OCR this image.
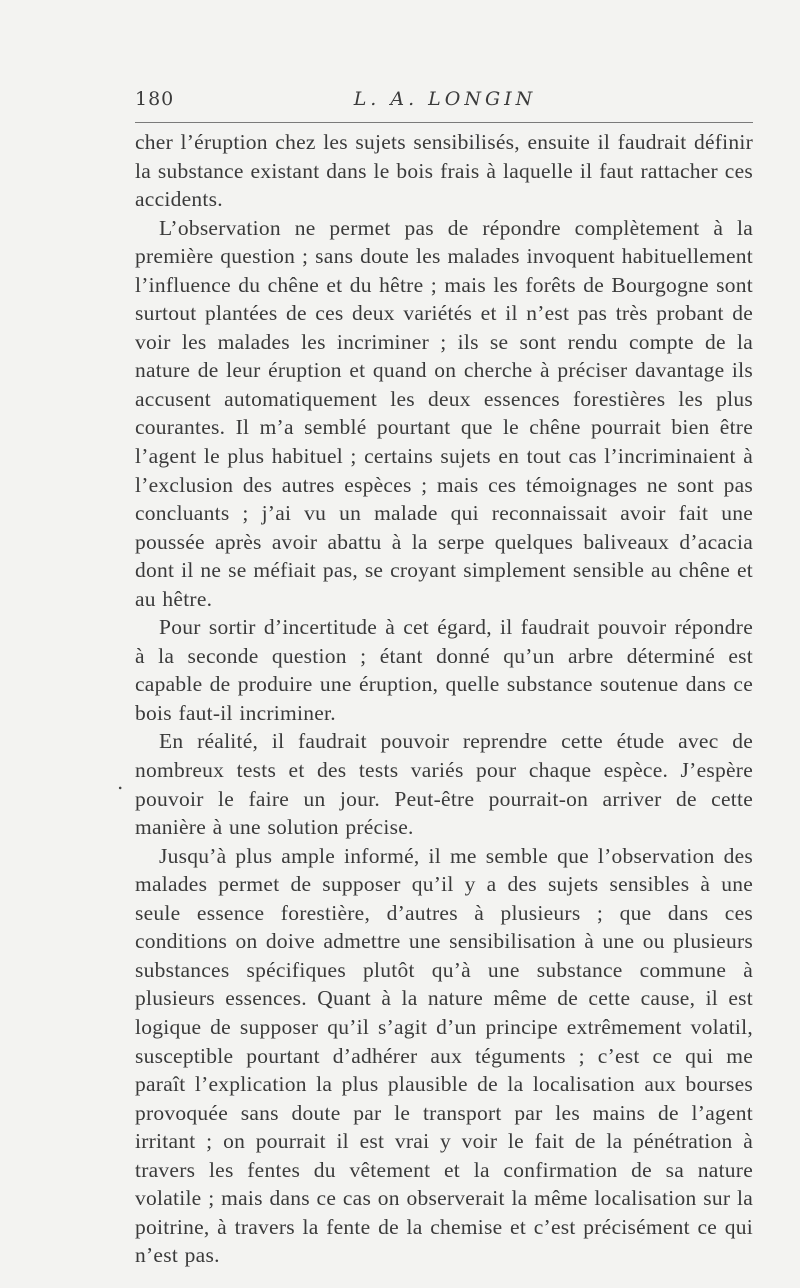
180	L. A. LONGIN
.

cher l’éruption chez les sujets sensibilisés, ensuite il faudrait définir la substance existant dans le bois frais à laquelle il faut rattacher ces accidents.

L’observation ne permet pas de répondre complètement à la première question ; sans doute les malades invoquent habituellement l’influence du chêne et du hêtre ; mais les forêts de Bourgogne sont surtout plantées de ces deux variétés et il n’est pas très probant de voir les malades les incriminer ; ils se sont rendu compte de la nature de leur éruption et quand on cherche à préciser davantage ils accusent automatiquement les deux essences forestières les plus courantes. Il m’a semblé pourtant que le chêne pourrait bien être l’agent le plus habituel ; certains sujets en tout cas l’incriminaient à l’exclusion des autres espèces ; mais ces témoignages ne sont pas concluants ; j’ai vu un malade qui reconnaissait avoir fait une poussée après avoir abattu à la serpe quelques baliveaux d’acacia dont il ne se méfiait pas, se croyant simplement sensible au chêne et au hêtre.

Pour sortir d’incertitude à cet égard, il faudrait pouvoir répondre à la seconde question ; étant donné qu’un arbre déterminé est capable de produire une éruption, quelle substance soutenue dans ce bois faut-il incriminer.

En réalité, il faudrait pouvoir reprendre cette étude avec de nombreux tests et des tests variés pour chaque espèce. J’espère pouvoir le faire un jour. Peut-être pourrait-on arriver de cette manière à une solution précise.

Jusqu’à plus ample informé, il me semble que l’observation des malades permet de supposer qu’il y a des sujets sensibles à une seule essence forestière, d’autres à plusieurs ; que dans ces conditions on doive admettre une sensibilisation à une ou plusieurs substances spécifiques plutôt qu’à une substance commune à plusieurs essences. Quant à la nature même de cette cause, il est logique de supposer qu’il s’agit d’un principe extrêmement volatil, susceptible pourtant d’adhérer aux téguments ; c’est ce qui me paraît l’explication la plus plausible de la localisation aux bourses provoquée sans doute par le transport par les mains de l’agent irritant ; on pourrait il est vrai y voir le fait de la pénétration à travers les fentes du vêtement et la confirmation de sa nature volatile ; mais dans ce cas on observerait la même localisation sur la poitrine, à travers la fente de la chemise et c’est précisément ce qui n’est pas.
